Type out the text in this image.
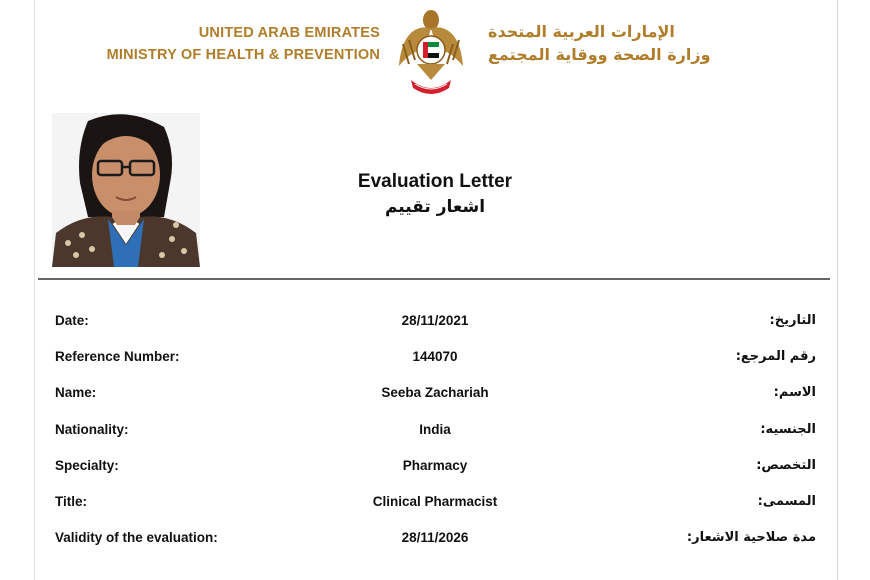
UNITED ARAB EMIRATES
MINISTRY OF HEALTH & PREVENTION
الإمارات العربية المتحدة
وزارة الصحة ووقاية المجتمع
Evaluation Letter
اشعار تقييم
Date:	28/11/2021	التاريخ:
Reference Number:	144070	رقم المرجع:
Name:	Seeba Zachariah	الاسم:
Nationality:	India	الجنسيه:
Specialty:	Pharmacy	التخصص:
Title:	Clinical Pharmacist	المسمى:
Validity of the evaluation:	28/11/2026	مدة صلاحية الاشعار:
